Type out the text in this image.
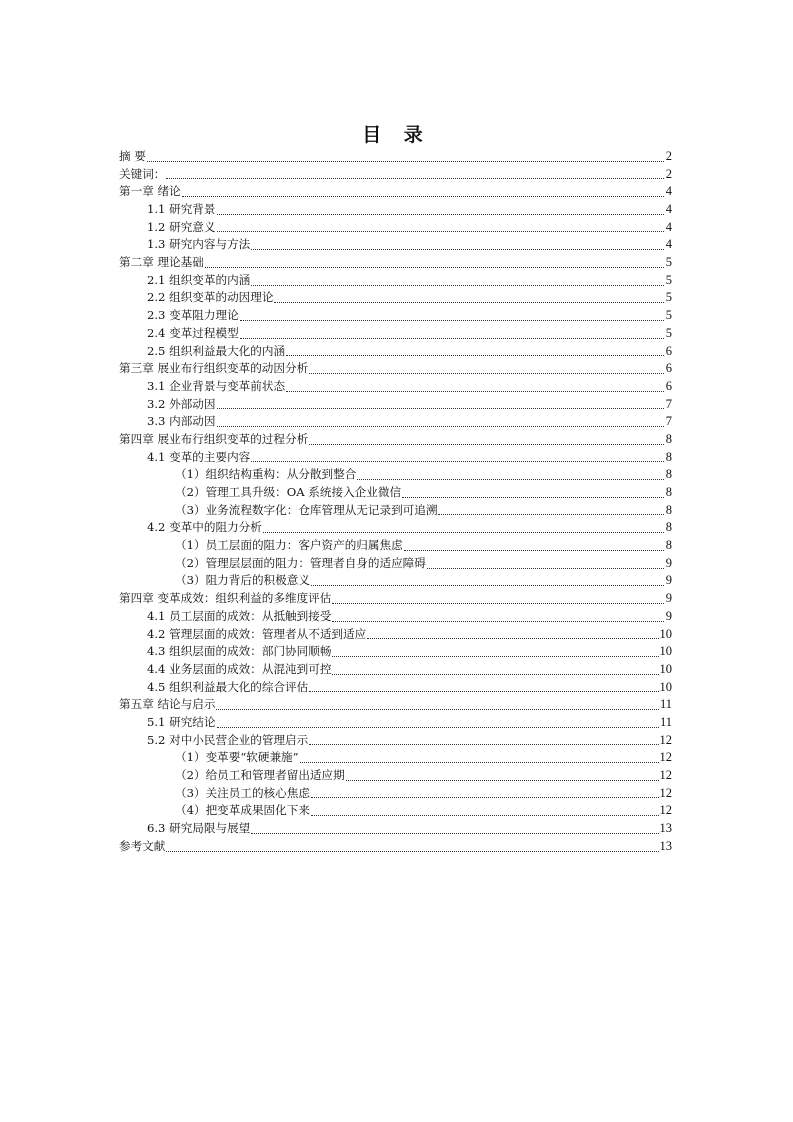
目 录
摘 要	2
关键词：	2
第一章 绪论	4
1.1 研究背景	4
1.2 研究意义	4
1.3 研究内容与方法	4
第二章 理论基础	5
2.1 组织变革的内涵	5
2.2 组织变革的动因理论	5
2.3 变革阻力理论	5
2.4 变革过程模型	5
2.5 组织利益最大化的内涵	6
第三章 展业布行组织变革的动因分析	6
3.1 企业背景与变革前状态	6
3.2 外部动因	7
3.3 内部动因	7
第四章 展业布行组织变革的过程分析	8
4.1 变革的主要内容	8
（1）组织结构重构：从分散到整合	8
（2）管理工具升级：OA 系统接入企业微信	8
（3）业务流程数字化：仓库管理从无记录到可追溯	8
4.2 变革中的阻力分析	8
（1）员工层面的阻力：客户资产的归属焦虑	8
（2）管理层层面的阻力：管理者自身的适应障碍	9
（3）阻力背后的积极意义	9
第四章 变革成效：组织利益的多维度评估	9
4.1 员工层面的成效：从抵触到接受	9
4.2 管理层面的成效：管理者从不适到适应	10
4.3 组织层面的成效：部门协同顺畅	10
4.4 业务层面的成效：从混沌到可控	10
4.5 组织利益最大化的综合评估	10
第五章 结论与启示	11
5.1 研究结论	11
5.2 对中小民营企业的管理启示	12
（1）变革要“软硬兼施”	12
（2）给员工和管理者留出适应期	12
（3）关注员工的核心焦虑	12
（4）把变革成果固化下来	12
6.3 研究局限与展望	13
参考文献	13
